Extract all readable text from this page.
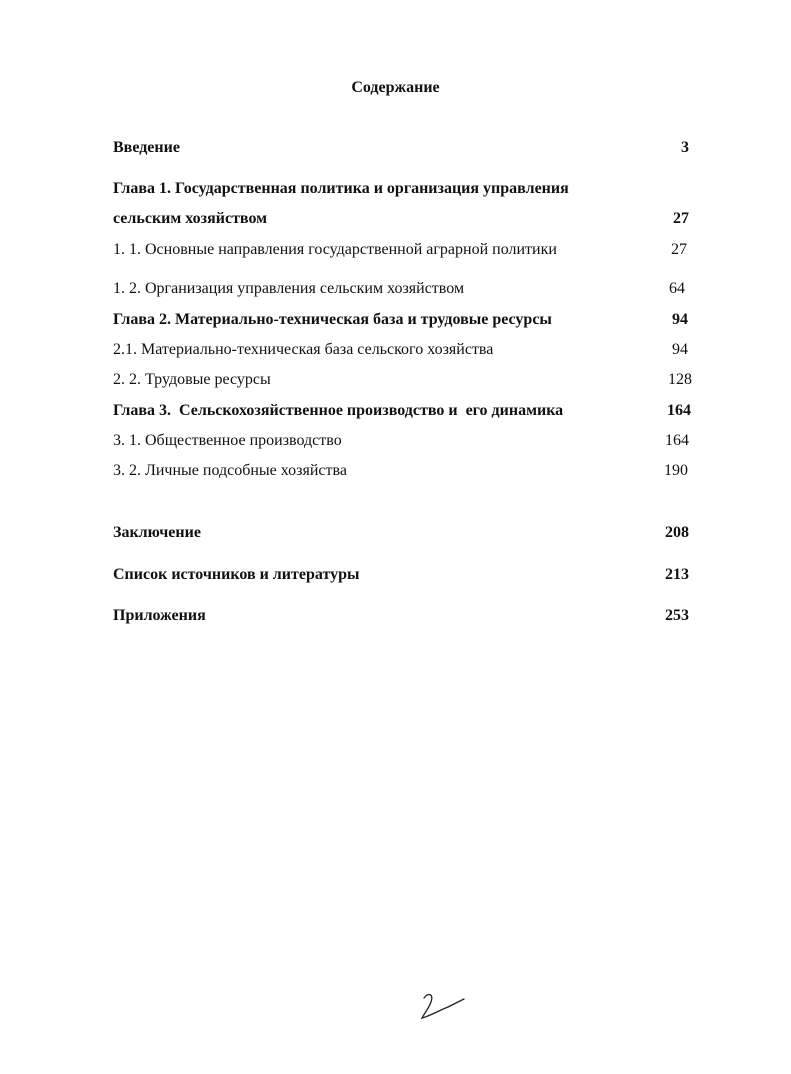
Содержание
Введение	3
Глава 1. Государственная политика и организация управления
сельским хозяйством	27
1. 1. Основные направления государственной аграрной политики	27
1. 2. Организация управления сельским хозяйством	64
Глава 2. Материально-техническая база и трудовые ресурсы	94
2.1. Материально-техническая база сельского хозяйства	94
2. 2. Трудовые ресурсы	128
Глава 3.  Сельскохозяйственное производство и  его динамика	164
3. 1. Общественное производство	164
3. 2. Личные подсобные хозяйства	190
Заключение	208
Список источников и литературы	213
Приложения	253
